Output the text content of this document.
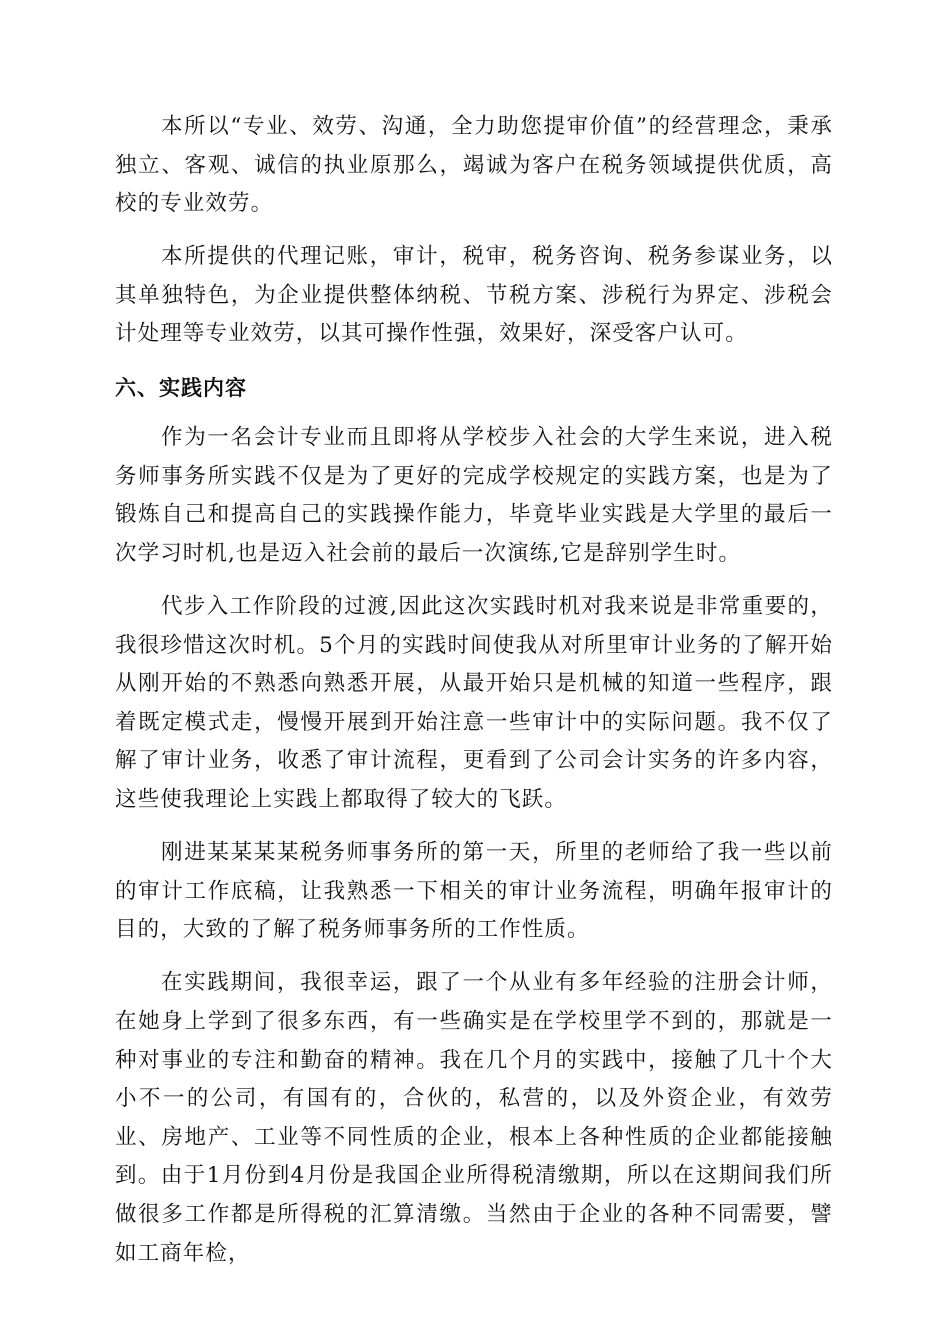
本所以“专业、效劳、沟通，全力助您提审价值”的经营理念，秉承独立、客观、诚信的执业原那么，竭诚为客户在税务领域提供优质，高校的专业效劳。

本所提供的代理记账，审计，税审，税务咨询、税务参谋业务，以其单独特色，为企业提供整体纳税、节税方案、涉税行为界定、涉税会计处理等专业效劳，以其可操作性强，效果好，深受客户认可。

六、实践内容

作为一名会计专业而且即将从学校步入社会的大学生来说，进入税务师事务所实践不仅是为了更好的完成学校规定的实践方案，也是为了锻炼自己和提高自己的实践操作能力，毕竟毕业实践是大学里的最后一次学习时机,也是迈入社会前的最后一次演练,它是辞别学生时。

代步入工作阶段的过渡,因此这次实践时机对我来说是非常重要的，我很珍惜这次时机。5个月的实践时间使我从对所里审计业务的了解开始从刚开始的不熟悉向熟悉开展，从最开始只是机械的知道一些程序，跟着既定模式走，慢慢开展到开始注意一些审计中的实际问题。我不仅了解了审计业务，收悉了审计流程，更看到了公司会计实务的许多内容，这些使我理论上实践上都取得了较大的飞跃。

刚进某某某某税务师事务所的第一天，所里的老师给了我一些以前的审计工作底稿，让我熟悉一下相关的审计业务流程，明确年报审计的目的，大致的了解了税务师事务所的工作性质。

在实践期间，我很幸运，跟了一个从业有多年经验的注册会计师，在她身上学到了很多东西，有一些确实是在学校里学不到的，那就是一种对事业的专注和勤奋的精神。我在几个月的实践中，接触了几十个大小不一的公司，有国有的，合伙的，私营的，以及外资企业，有效劳业、房地产、工业等不同性质的企业，根本上各种性质的企业都能接触到。由于1月份到4月份是我国企业所得税清缴期，所以在这期间我们所做很多工作都是所得税的汇算清缴。当然由于企业的各种不同需要，譬如工商年检，
